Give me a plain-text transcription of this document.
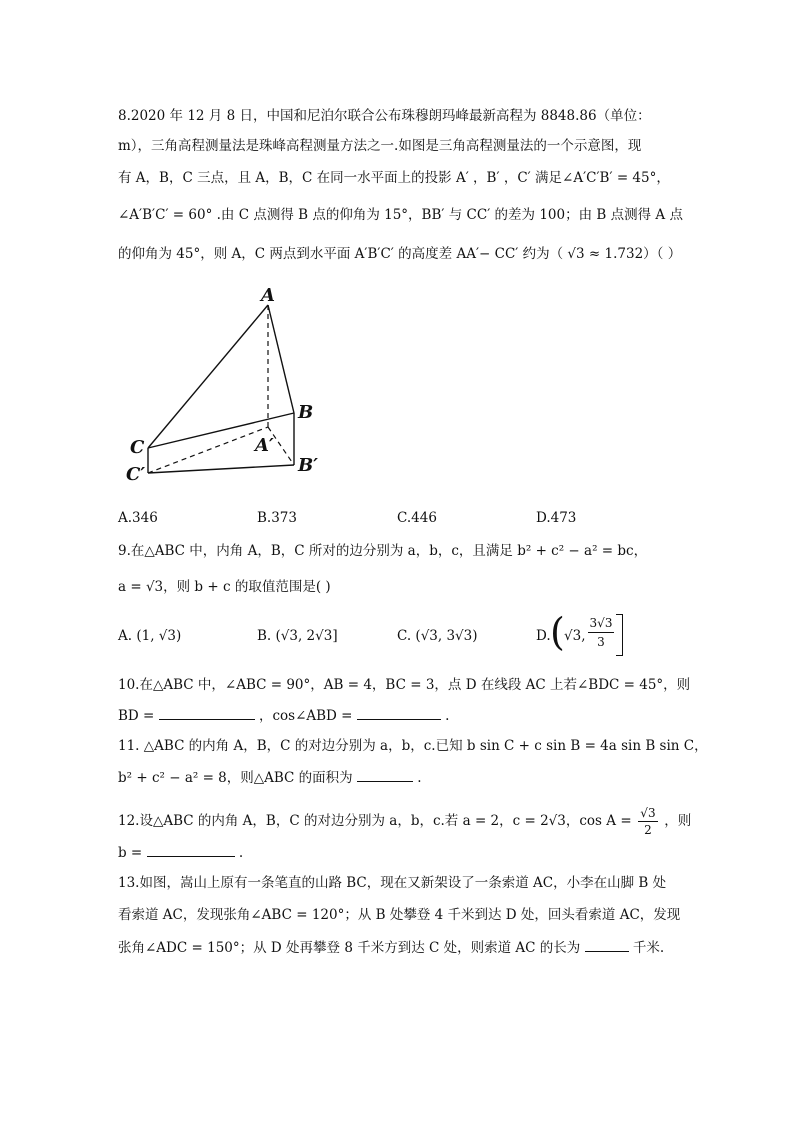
8.2020 年 12 月 8 日，中国和尼泊尔联合公布珠穆朗玛峰最新高程为 8848.86（单位：
m），三角高程测量法是珠峰高程测量方法之一.如图是三角高程测量法的一个示意图，现
有 A，B，C 三点，且 A，B，C 在同一水平面上的投影 A′ ，B′ ，C′ 满足∠A′C′B′ = 45°，
∠A′B′C′ = 60° .由 C 点测得 B 点的仰角为 15°，BB′ 与 CC′ 的差为 100；由 B 点测得 A 点
的仰角为 45°，则 A，C 两点到水平面 A′B′C′ 的高度差 AA′− CC′ 约为（ √3 ≈ 1.732）（ ）
A
B
C	A′
B′
C′
A.346	B.373	C.446	D.473
9.在△ABC 中，内角 A，B，C 所对的边分别为 a，b，c，且满足 b² + c² − a² = bc，
a = √3，则 b + c 的取值范围是( )
A. (1, √3)	B. (√3, 2√3]	C. (√3, 3√3)	D. ( √3, $\frac{3√3}{3}$
10.在△ABC 中，∠ABC = 90°，AB = 4，BC = 3，点 D 在线段 AC 上若∠BDC = 45°，则
BD =	，cos∠ABD =	.
11. △ABC 的内角 A，B，C 的对边分别为 a，b，c.已知 b sin C + c sin B = 4a sin B sin C，
b² + c² − a² = 8，则△ABC 的面积为	.
12.设△ABC 的内角 A，B，C 的对边分别为 a，b，c.若 a = 2，c = 2√3，$\cos A = \frac{√3}{2}$ ，则
b =	.
13.如图，嵩山上原有一条笔直的山路 BC，现在又新架设了一条索道 AC，小李在山脚 B 处
看索道 AC，发现张角∠ABC = 120°；从 B 处攀登 4 千米到达 D 处，回头看索道 AC，发现
张角∠ADC = 150°；从 D 处再攀登 8 千米方到达 C 处，则索道 AC 的长为	千米.
